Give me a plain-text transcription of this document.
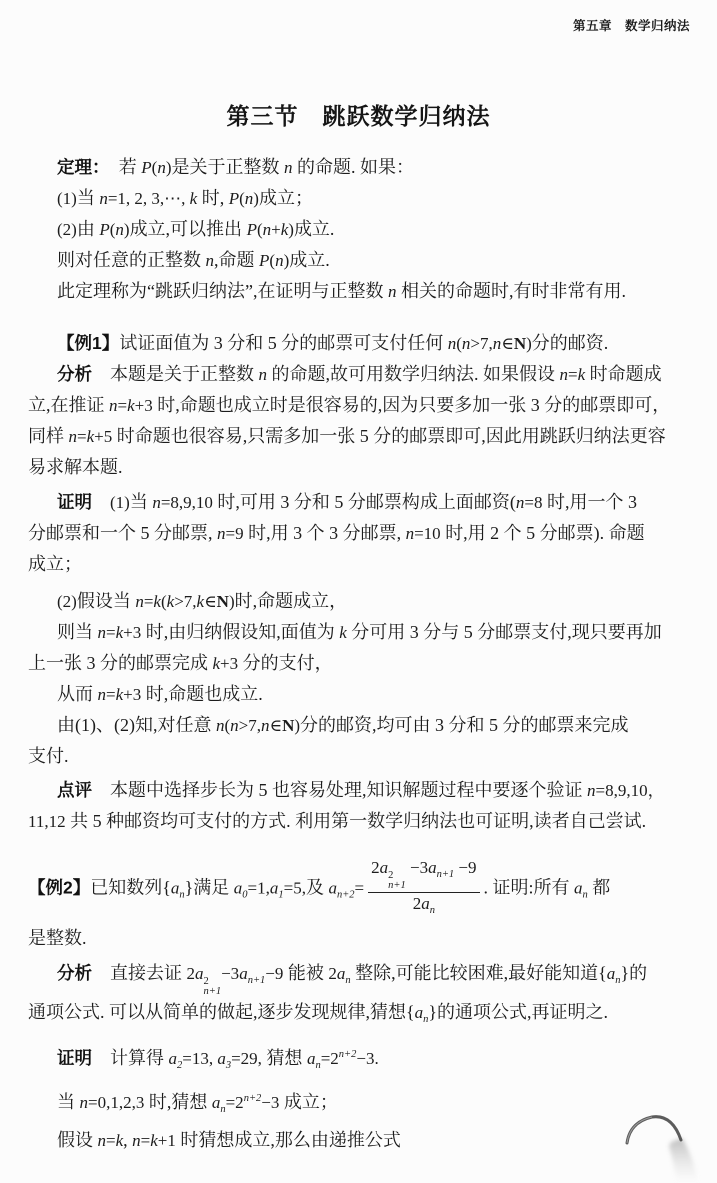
第五章　数学归纳法
第三节　跳跃数学归纳法
定理：　若 P(n)是关于正整数 n 的命题. 如果：
(1)当 n=1, 2, 3,⋯, k 时, P(n)成立；
(2)由 P(n)成立,可以推出 P(n+k)成立.
则对任意的正整数 n,命题 P(n)成立.
此定理称为“跳跃归纳法”,在证明与正整数 n 相关的命题时,有时非常有用.
【例1】试证面值为 3 分和 5 分的邮票可支付任何 n(n>7,n∈N)分的邮资.
分析　本题是关于正整数 n 的命题,故可用数学归纳法. 如果假设 n=k 时命题成
立,在推证 n=k+3 时,命题也成立时是很容易的,因为只要多加一张 3 分的邮票即可，
同样 n=k+5 时命题也很容易,只需多加一张 5 分的邮票即可,因此用跳跃归纳法更容
易求解本题.
证明　 (1)当 n=8,9,10 时,可用 3 分和 5 分邮票构成上面邮资(n=8 时,用一个 3
分邮票和一个 5 分邮票, n=9 时,用 3 个 3 分邮票, n=10 时,用 2 个 5 分邮票). 命题
成立；
(2)假设当 n=k(k>7,k∈N)时,命题成立，
则当 n=k+3 时,由归纳假设知,面值为 k 分可用 3 分与 5 分邮票支付,现只要再加
上一张 3 分的邮票完成 k+3 分的支付，
从而 n=k+3 时,命题也成立.
由(1)、(2)知,对任意 n(n>7,n∈N)分的邮资,均可由 3 分和 5 分的邮票来完成
支付.
点评　本题中选择步长为 5 也容易处理,知识解题过程中要逐个验证 n=8,9,10，
11,12 共 5 种邮资均可支付的方式. 利用第一数学归纳法也可证明,读者自己尝试.
【例2】已知数列$\{a_n\}$满足 $a_0=1,a_1=5$,及 $a_{n+2}= 2a$ 2
n+1
$-3a_{n+1} -9$
$2a_n$ . 证明:所有 $a_n$ 都
是整数.
分析　直接去证 2a 2
n+1
$-3a_{n+1}-9$ 能被 $2a_n$ 整除,可能比较困难,最好能知道$\{a_n\}$的
通项公式. 可以从简单的做起,逐步发现规律,猜想$\{a_n\}$的通项公式,再证明之.
证明　计算得 $a_2=13$, $a_3=29$, 猜想 $a_n=2^{n+2}-3$.
当 n=0,1,2,3 时,猜想 $a_n=2^{n+2}-3$ 成立；
假设 n=k, n=k+1 时猜想成立,那么由递推公式
